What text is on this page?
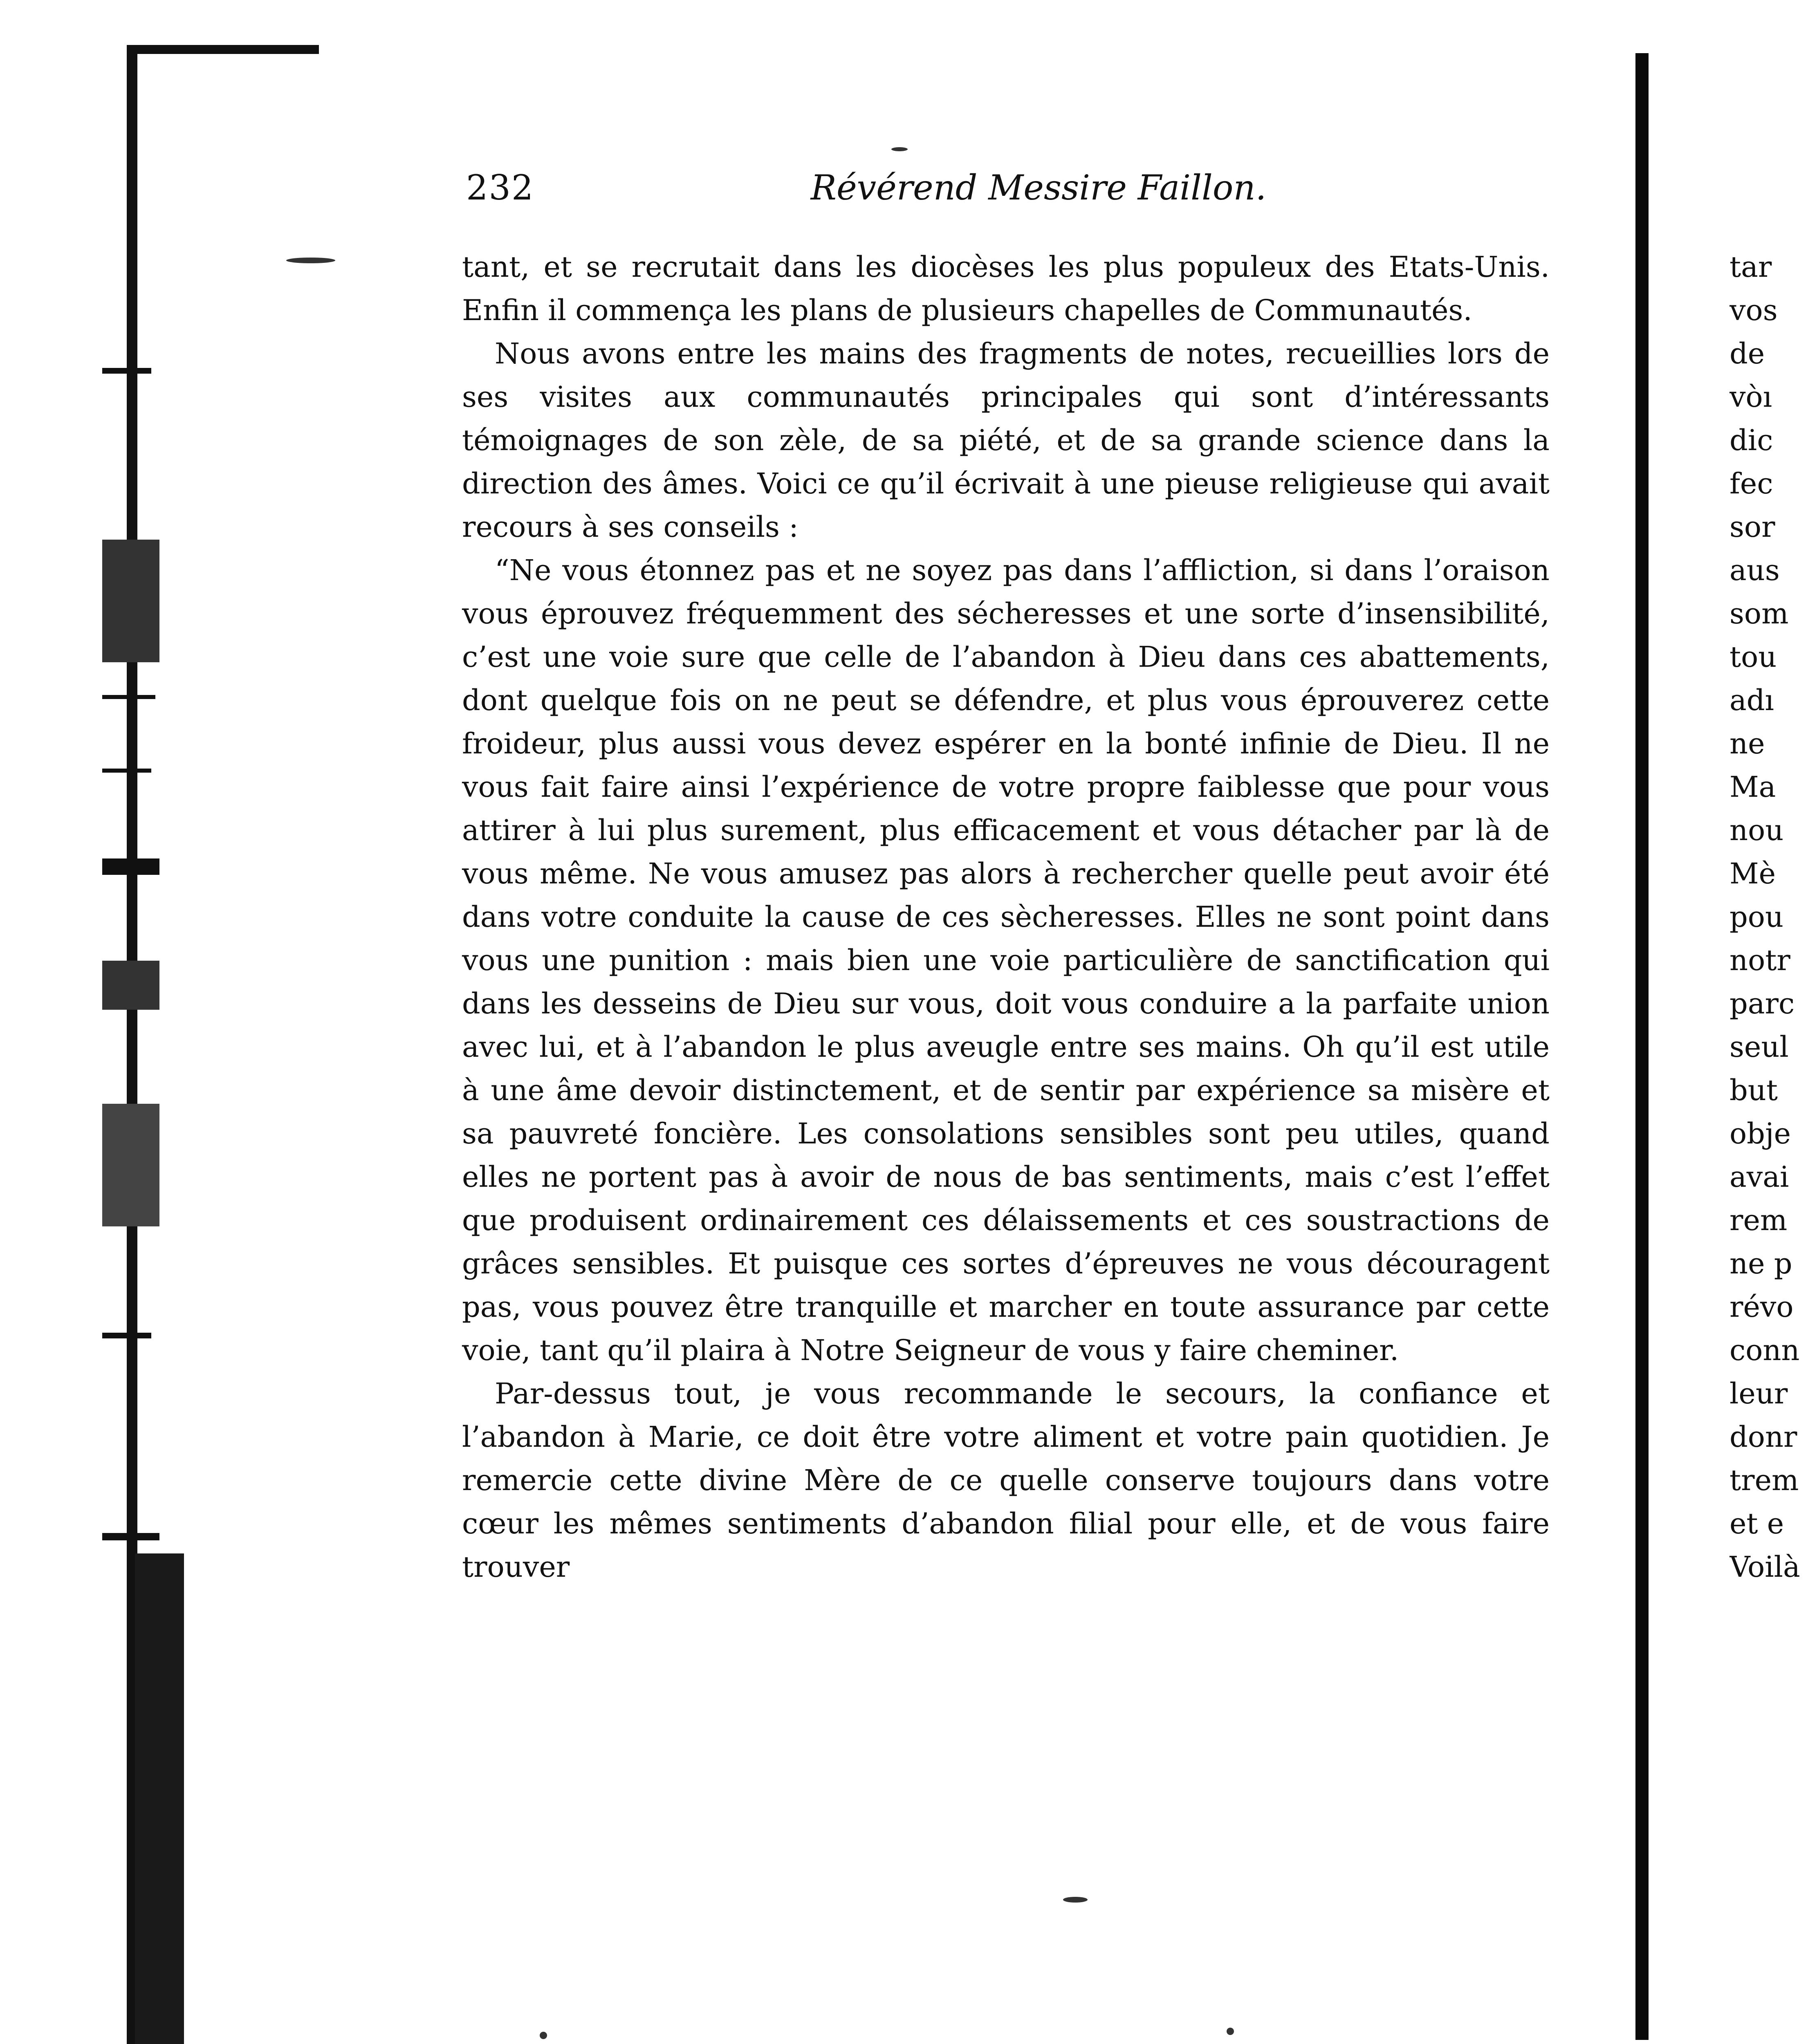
232	Révérend Messire Faillon.

tant, et se recrutait dans les diocèses les plus populeux des Etats-Unis. Enfin il commença les plans de plusieurs chapelles de Communautés.

Nous avons entre les mains des fragments de notes, recueillies lors de ses visites aux communautés principales qui sont d’intéressants témoignages de son zèle, de sa piété, et de sa grande science dans la direction des âmes. Voici ce qu’il écrivait à une pieuse religieuse qui avait recours à ses conseils :

“Ne vous étonnez pas et ne soyez pas dans l’affliction, si dans l’oraison vous éprouvez fréquemment des sécheresses et une sorte d’insensibilité, c’est une voie sure que celle de l’abandon à Dieu dans ces abattements, dont quelque fois on ne peut se défendre, et plus vous éprouverez cette froideur, plus aussi vous devez espérer en la bonté infinie de Dieu. Il ne vous fait faire ainsi l’expérience de votre propre faiblesse que pour vous attirer à lui plus surement, plus efficacement et vous détacher par là de vous même. Ne vous amusez pas alors à rechercher quelle peut avoir été dans votre conduite la cause de ces sècheresses. Elles ne sont point dans vous une punition : mais bien une voie particulière de sanctification qui dans les desseins de Dieu sur vous, doit vous conduire a la parfaite union avec lui, et à l’abandon le plus aveugle entre ses mains. Oh qu’il est utile à une âme devoir distinctement, et de sentir par expérience sa misère et sa pauvreté foncière. Les consolations sensibles sont peu utiles, quand elles ne portent pas à avoir de nous de bas sentiments, mais c’est l’effet que produisent ordinairement ces délaissements et ces soustractions de grâces sensibles. Et puisque ces sortes d’épreuves ne vous découragent pas, vous pouvez être tranquille et marcher en toute assurance par cette voie, tant qu’il plaira à Notre Seigneur de vous y faire cheminer.

Par-dessus tout, je vous recommande le secours, la confiance et l’abandon à Marie, ce doit être votre aliment et votre pain quotidien. Je remercie cette divine Mère de ce quelle conserve toujours dans votre cœur les mêmes sentiments d’abandon filial pour elle, et de vous faire trouver

tar
vos
de
vòı
dic
fec
sor
aus
som
tou
adı
ne
Ma
nou
Mè
pou
notr
parc
seul
but
obje
avai
rem
ne p
révo
conn
leur
donr
trem
et e
Voilà
